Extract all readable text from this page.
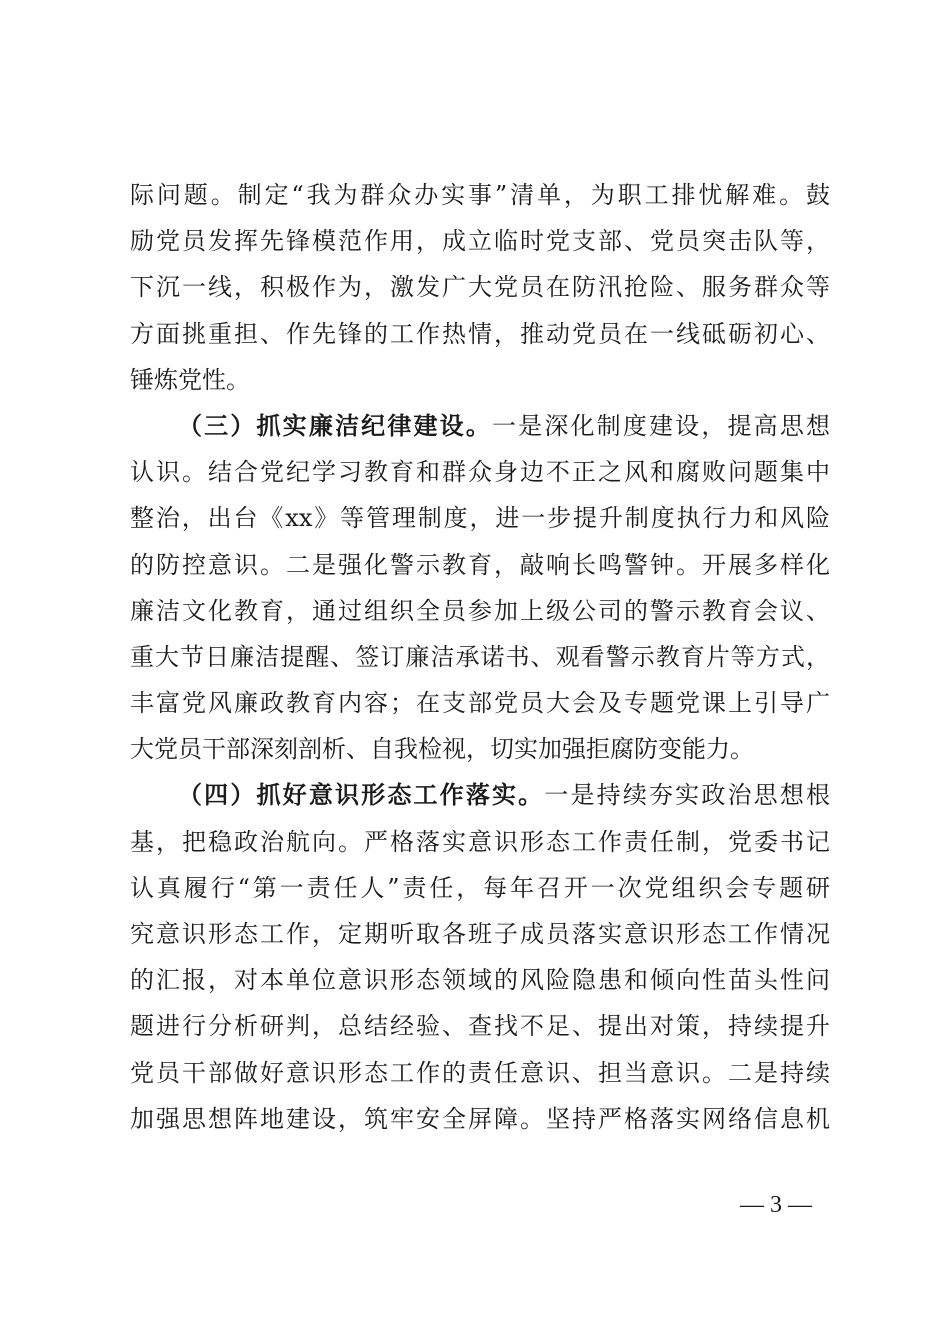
际问题。制定“我为群众办实事”清单，为职工排忧解难。鼓
励党员发挥先锋模范作用，成立临时党支部、党员突击队等，
下沉一线，积极作为，激发广大党员在防汛抢险、服务群众等
方面挑重担、作先锋的工作热情，推动党员在一线砥砺初心、
锤炼党性。
（三）抓实廉洁纪律建设。一是深化制度建设，提高思想
认识。结合党纪学习教育和群众身边不正之风和腐败问题集中
整治，出台《xx》等管理制度，进一步提升制度执行力和风险
的防控意识。二是强化警示教育，敲响长鸣警钟。开展多样化
廉洁文化教育，通过组织全员参加上级公司的警示教育会议、
重大节日廉洁提醒、签订廉洁承诺书、观看警示教育片等方式，
丰富党风廉政教育内容；在支部党员大会及专题党课上引导广
大党员干部深刻剖析、自我检视，切实加强拒腐防变能力。
（四）抓好意识形态工作落实。一是持续夯实政治思想根
基，把稳政治航向。严格落实意识形态工作责任制，党委书记
认真履行“第一责任人”责任，每年召开一次党组织会专题研
究意识形态工作，定期听取各班子成员落实意识形态工作情况
的汇报，对本单位意识形态领域的风险隐患和倾向性苗头性问
题进行分析研判，总结经验、查找不足、提出对策，持续提升
党员干部做好意识形态工作的责任意识、担当意识。二是持续
加强思想阵地建设，筑牢安全屏障。坚持严格落实网络信息机
— 3 —
